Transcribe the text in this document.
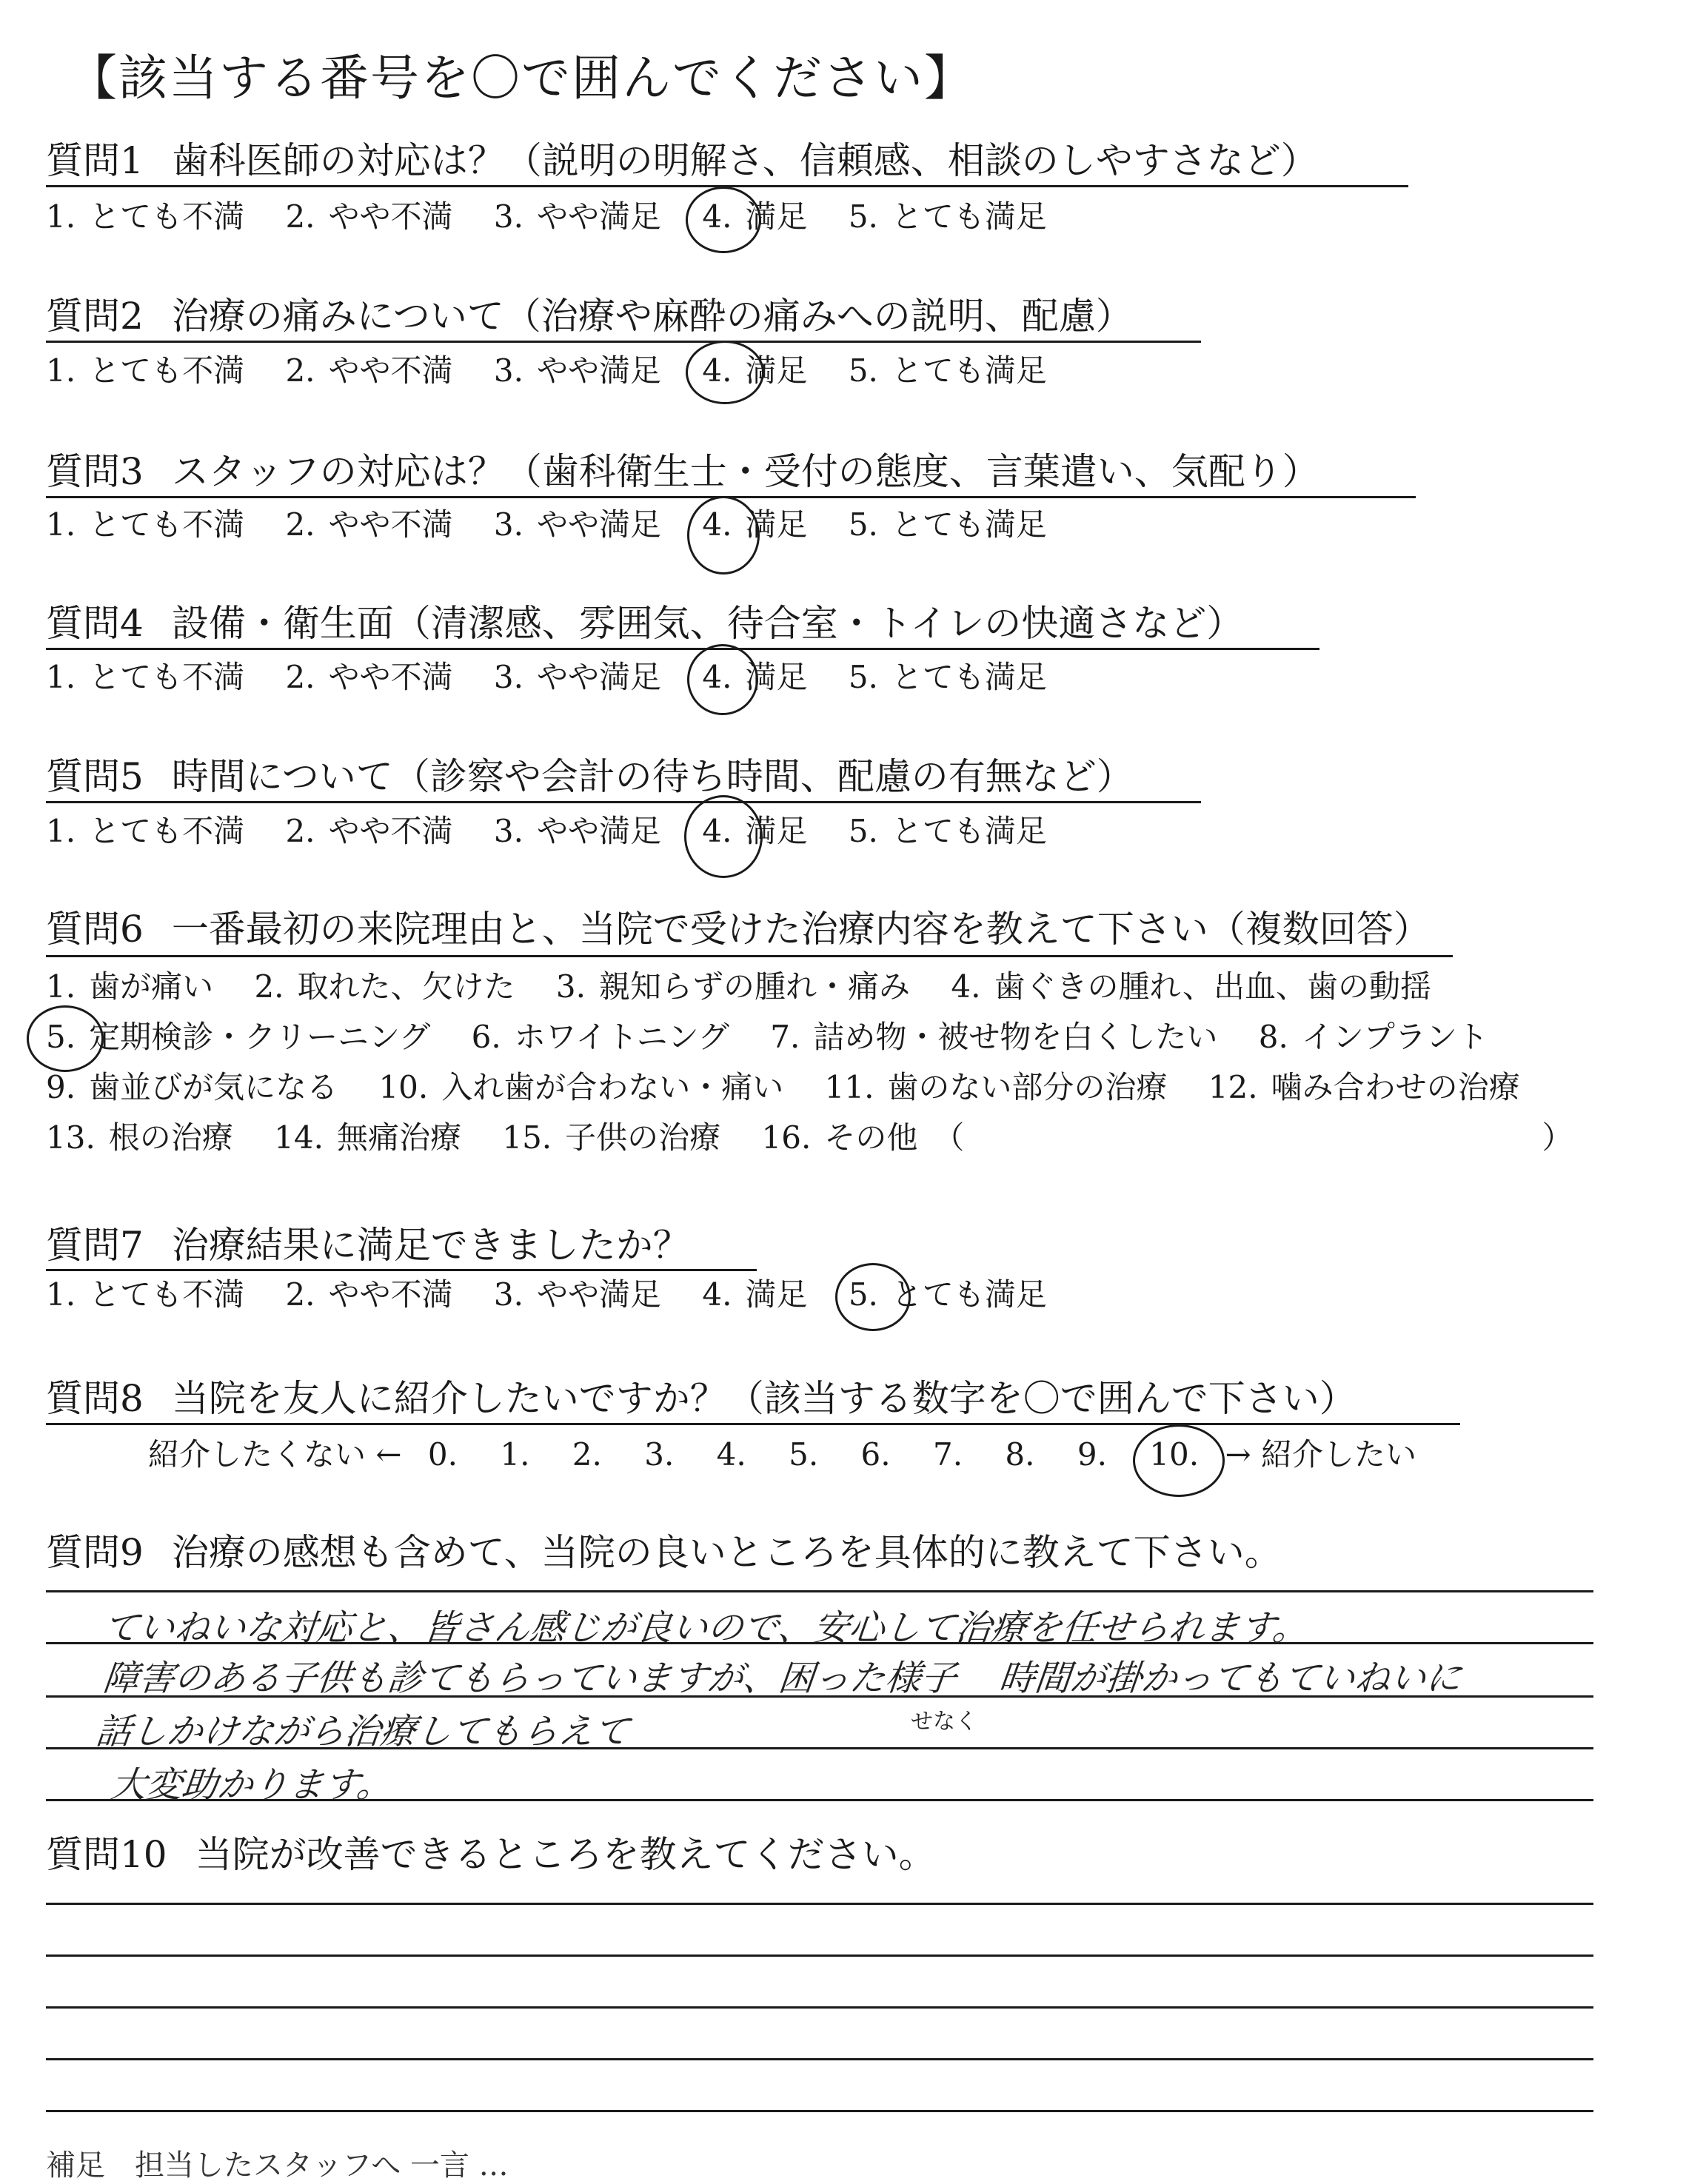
【該当する番号を〇で囲んでください】
質問1 歯科医師の対応は？（説明の明解さ、信頼感、相談のしやすさなど）
1. とても不満  2. やや不満  3. やや満足  4. 満足  5. とても満足
質問2 治療の痛みについて（治療や麻酔の痛みへの説明、配慮）
1. とても不満  2. やや不満  3. やや満足  4. 満足  5. とても満足
質問3 スタッフの対応は？（歯科衛生士・受付の態度、言葉遣い、気配り）
1. とても不満  2. やや不満  3. やや満足  4. 満足  5. とても満足
質問4 設備・衛生面（清潔感、雰囲気、待合室・トイレの快適さなど）
1. とても不満  2. やや不満  3. やや満足  4. 満足  5. とても満足
質問5 時間について（診察や会計の待ち時間、配慮の有無など）
1. とても不満  2. やや不満  3. やや満足  4. 満足  5. とても満足
質問6 一番最初の来院理由と、当院で受けた治療内容を教えて下さい（複数回答）
1. 歯が痛い  2. 取れた、欠けた  3. 親知らずの腫れ・痛み  4. 歯ぐきの腫れ、出血、歯の動揺
5. 定期検診・クリーニング  6. ホワイトニング  7. 詰め物・被せ物を白くしたい  8. インプラント
9. 歯並びが気になる  10. 入れ歯が合わない・痛い  11. 歯のない部分の治療  12. 噛み合わせの治療
13. 根の治療  14. 無痛治療  15. 子供の治療  16. その他  （	）
質問7 治療結果に満足できましたか？
1. とても不満  2. やや不満  3. やや満足  4. 満足  5. とても満足
質問8 当院を友人に紹介したいですか？（該当する数字を〇で囲んで下さい）
紹介したくない ← 0. 1. 2. 3. 4. 5. 6. 7. 8. 9. 10. → 紹介したい
質問9 治療の感想も含めて、当院の良いところを具体的に教えて下さい。
ていねいな対応と、皆さん感じが良いので、安心して治療を任せられます。
障害のある子供も診てもらっていますが、困った様子 時間が掛かってもていねいに
せなく
話しかけながら治療してもらえて
大変助かります。
質問10 当院が改善できるところを教えてください。
補足　担当したスタッフへ 一言 …
